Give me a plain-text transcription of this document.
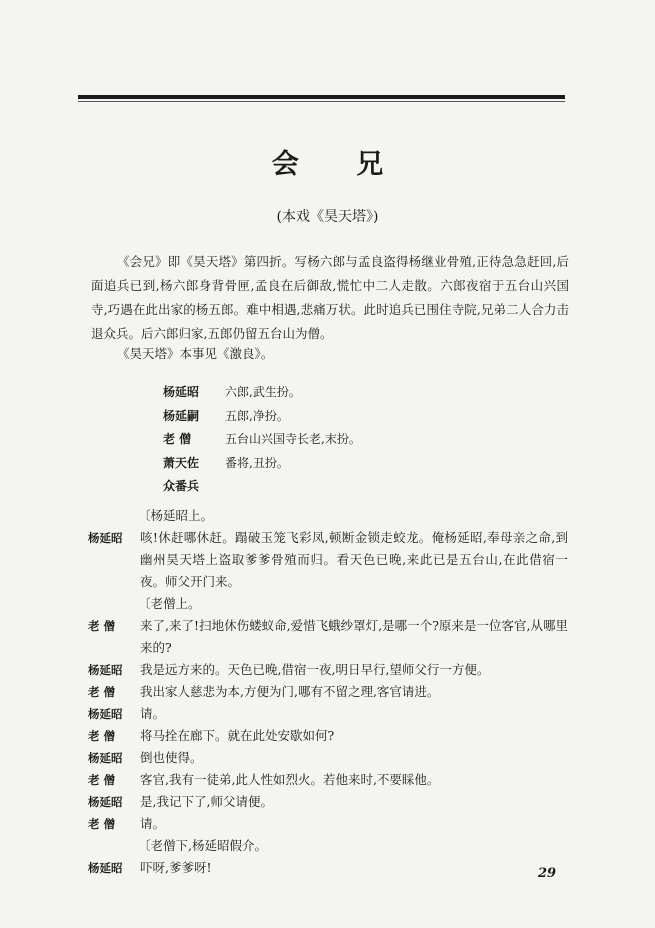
会 兄
(本戏《昊天塔》)
《会兄》即《昊天塔》第四折。写杨六郎与孟良盗得杨继业骨殖,正待急急赶回,后面追兵已到,杨六郎身背骨匣,孟良在后御敌,慌忙中二人走散。六郎夜宿于五台山兴国寺,巧遇在此出家的杨五郎。难中相遇,悲痛万状。此时追兵已围住寺院,兄弟二人合力击退众兵。后六郎归家,五郎仍留五台山为僧。
《昊天塔》本事见《激良》。
杨延昭	六郎,武生扮。
杨延嗣	五郎,净扮。
老 僧	五台山兴国寺长老,末扮。
萧天佐	番将,丑扮。
众番兵
〔杨延昭上。
杨延昭	咳!休赶哪休赶。蹋破玉笼飞彩凤,顿断金锁走蛟龙。俺杨延昭,奉母亲之命,到幽州昊天塔上盗取爹爹骨殖而归。看天色已晚,来此已是五台山,在此借宿一夜。师父开门来。
〔老僧上。
老 僧	来了,来了!扫地休伤蝼蚁命,爱惜飞蛾纱罩灯,是哪一个?原来是一位客官,从哪里来的?
杨延昭	我是远方来的。天色已晚,借宿一夜,明日早行,望师父行一方便。
老 僧	我出家人慈悲为本,方便为门,哪有不留之理,客官请进。
杨延昭	请。
老 僧	将马拴在廊下。就在此处安歇如何?
杨延昭	倒也使得。
老 僧	客官,我有一徒弟,此人性如烈火。若他来时,不要睬他。
杨延昭	是,我记下了,师父请便。
老 僧	请。
〔老僧下,杨延昭假介。
杨延昭	吓呀,爹爹呀!	29
